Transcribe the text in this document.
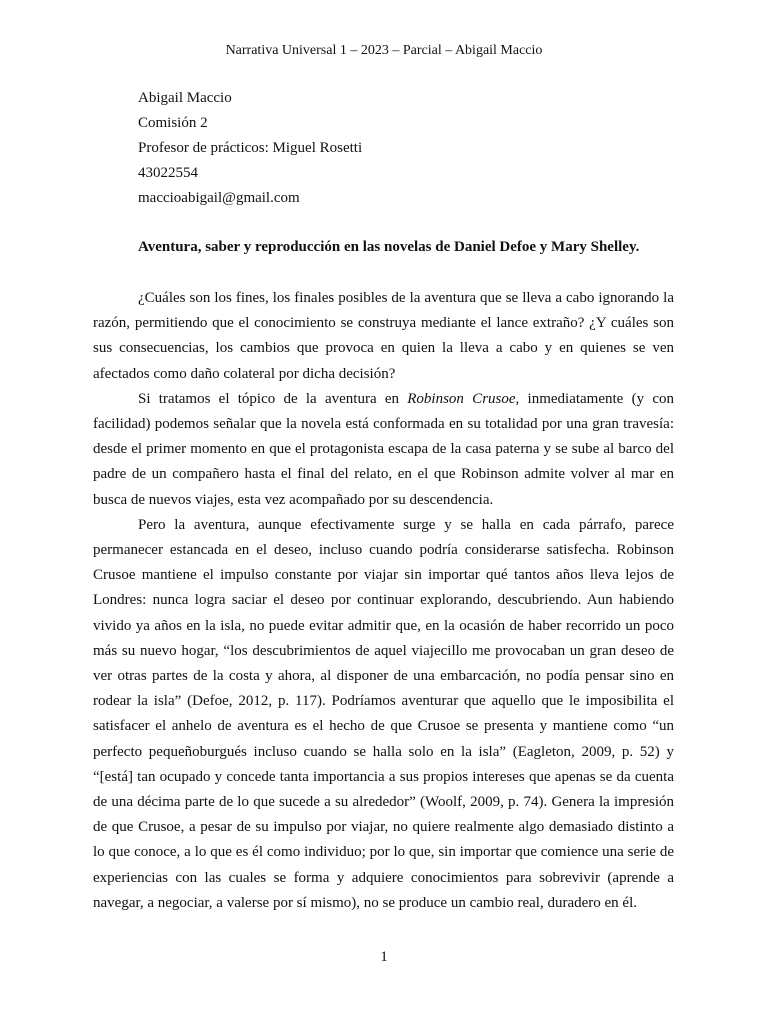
Narrativa Universal 1 – 2023 – Parcial – Abigail Maccio
Abigail Maccio
Comisión 2
Profesor de prácticos: Miguel Rosetti
43022554
maccioabigail@gmail.com
Aventura, saber y reproducción en las novelas de Daniel Defoe y Mary Shelley.

¿Cuáles son los fines, los finales posibles de la aventura que se lleva a cabo ignorando la razón, permitiendo que el conocimiento se construya mediante el lance extraño? ¿Y cuáles son sus consecuencias, los cambios que provoca en quien la lleva a cabo y en quienes se ven afectados como daño colateral por dicha decisión?

Si tratamos el tópico de la aventura en Robinson Crusoe, inmediatamente (y con facilidad) podemos señalar que la novela está conformada en su totalidad por una gran travesía: desde el primer momento en que el protagonista escapa de la casa paterna y se sube al barco del padre de un compañero hasta el final del relato, en el que Robinson admite volver al mar en busca de nuevos viajes, esta vez acompañado por su descendencia.

Pero la aventura, aunque efectivamente surge y se halla en cada párrafo, parece permanecer estancada en el deseo, incluso cuando podría considerarse satisfecha. Robinson Crusoe mantiene el impulso constante por viajar sin importar qué tantos años lleva lejos de Londres: nunca logra saciar el deseo por continuar explorando, descubriendo. Aun habiendo vivido ya años en la isla, no puede evitar admitir que, en la ocasión de haber recorrido un poco más su nuevo hogar, “los descubrimientos de aquel viajecillo me provocaban un gran deseo de ver otras partes de la costa y ahora, al disponer de una embarcación, no podía pensar sino en rodear la isla” (Defoe, 2012, p. 117). Podríamos aventurar que aquello que le imposibilita el satisfacer el anhelo de aventura es el hecho de que Crusoe se presenta y mantiene como “un perfecto pequeñoburgués incluso cuando se halla solo en la isla” (Eagleton, 2009, p. 52) y “[está] tan ocupado y concede tanta importancia a sus propios intereses que apenas se da cuenta de una décima parte de lo que sucede a su alrededor” (Woolf, 2009, p. 74). Genera la impresión de que Crusoe, a pesar de su impulso por viajar, no quiere realmente algo demasiado distinto a lo que conoce, a lo que es él como individuo; por lo que, sin importar que comience una serie de experiencias con las cuales se forma y adquiere conocimientos para sobrevivir (aprende a navegar, a negociar, a valerse por sí mismo), no se produce un cambio real, duradero en él.

1
